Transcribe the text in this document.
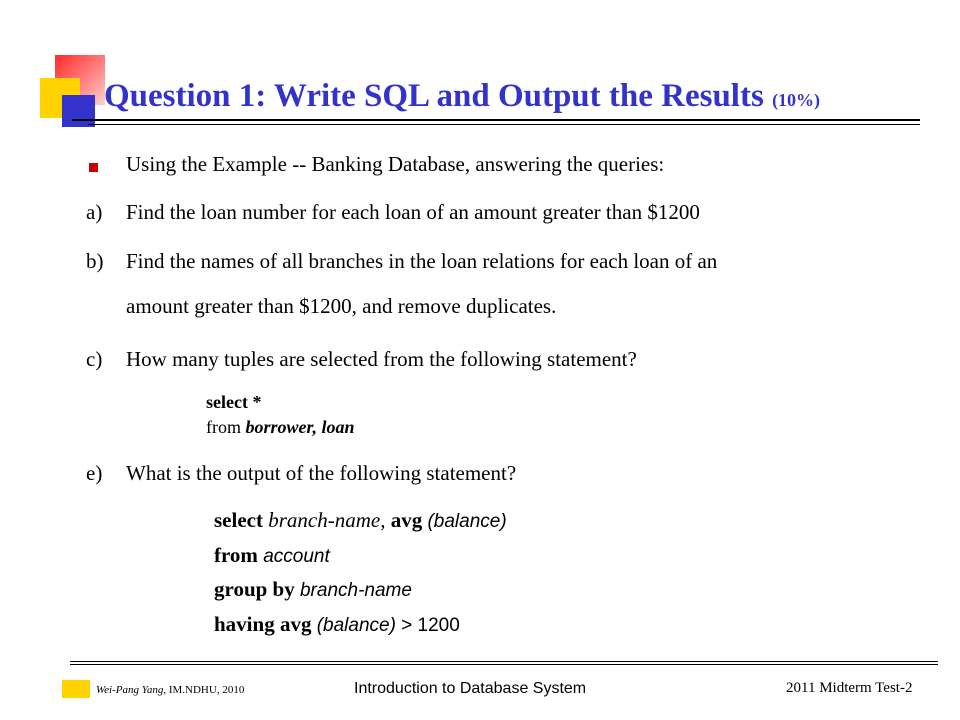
Question 1: Write SQL and Output the Results (10%)
Using the Example -- Banking Database, answering the queries:
a) Find the loan number for each loan of an amount greater than $1200
b) Find the names of all branches in the loan relations for each loan of an
amount greater than $1200, and remove duplicates.
c) How many tuples are selected from the following statement?
select *
from borrower, loan
e) What is the output of the following statement?
select branch-name, avg (balance)
from account
group by branch-name
having avg (balance) > 1200
Wei-Pang Yang, IM.NDHU, 2010	Introduction to Database System	2011 Midterm Test-2
